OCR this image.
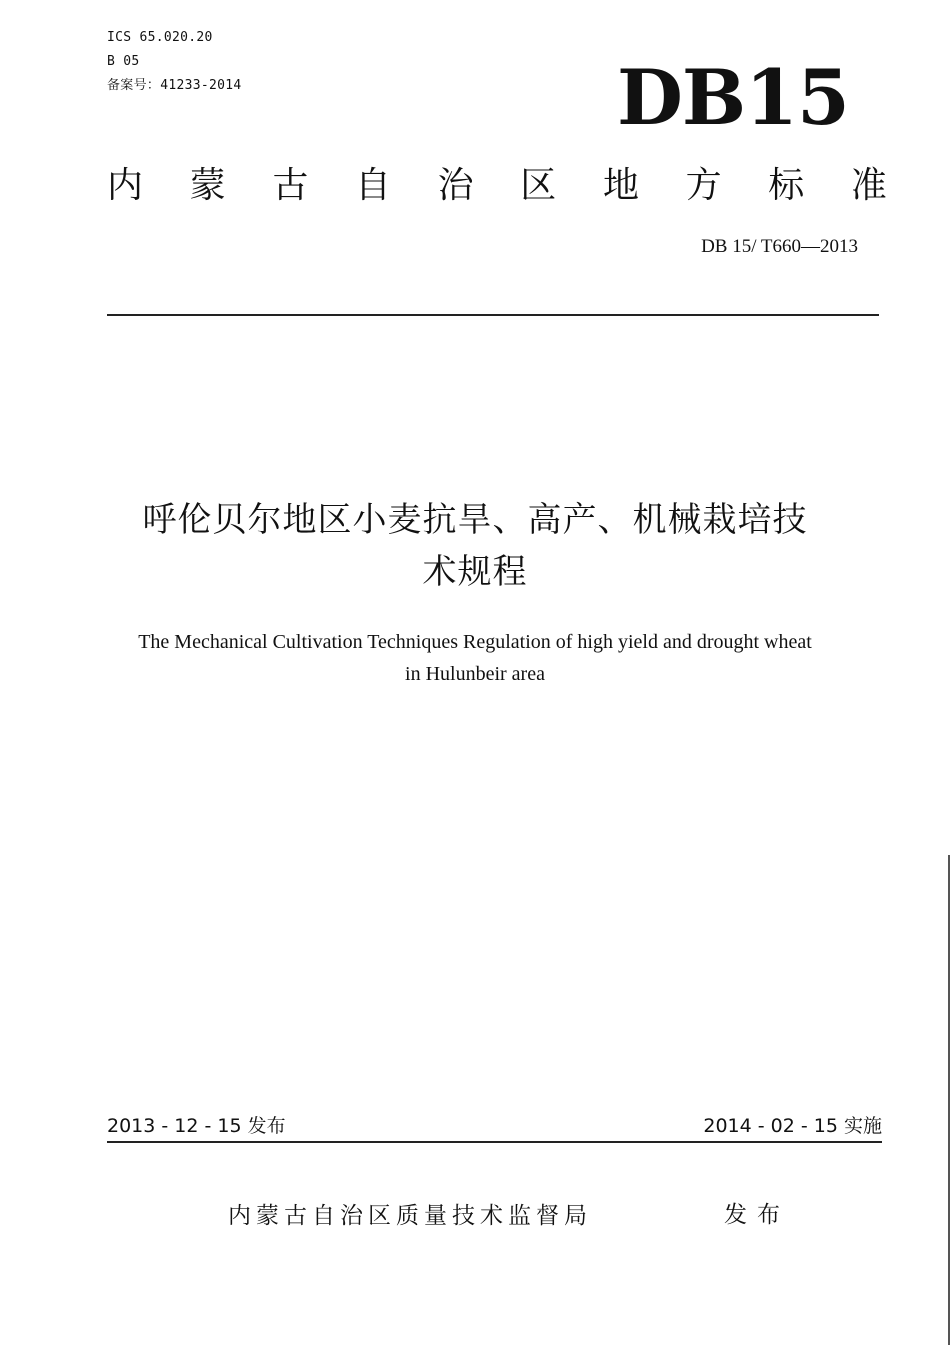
ICS 65.020.20
B 05
备案号：41233-2014	DB15
内 蒙 古 自 治 区 地 方 标 准
DB 15/ T660—2013
呼伦贝尔地区小麦抗旱、高产、机械栽培技
术规程
The Mechanical Cultivation Techniques Regulation of high yield and drought wheat
in Hulunbeir area
2013 - 12 - 15 发布	2014 - 02 - 15 实施
内蒙古自治区质量技术监督局	发布
